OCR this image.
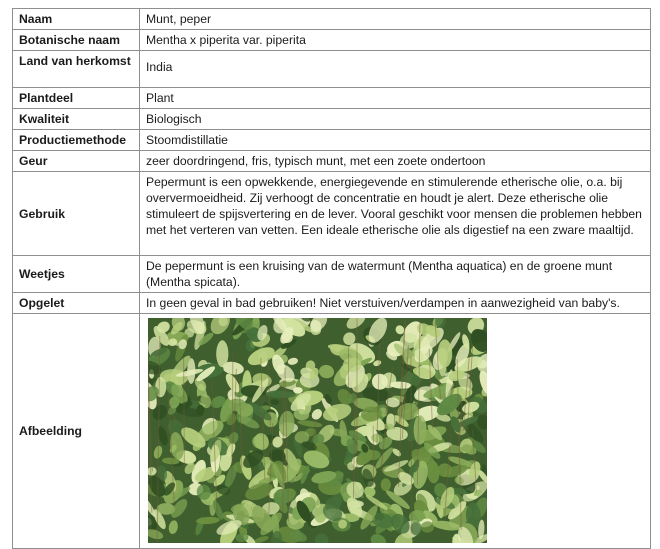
Naam	Munt, peper
Botanische naam	Mentha x piperita var. piperita
Land van herkomst	India
Plantdeel	Plant
Kwaliteit	Biologisch
Productiemethode	Stoomdistillatie
Geur	zeer doordringend, fris, typisch munt, met een zoete ondertoon
Gebruik	Pepermunt is een opwekkende, energiegevende en stimulerende etherische olie, o.a. bij oververmoeidheid. Zij verhoogt de concentratie en houdt je alert. Deze etherische olie stimuleert de spijsvertering en de lever. Vooral geschikt voor mensen die problemen hebben met het verteren van vetten. Een ideale etherische olie als digestief na een zware maaltijd.
Weetjes	De pepermunt is een kruising van de watermunt (Mentha aquatica) en de groene munt (Mentha spicata).
Opgelet	In geen geval in bad gebruiken! Niet verstuiven/verdampen in aanwezigheid van baby's.
Afbeelding	
